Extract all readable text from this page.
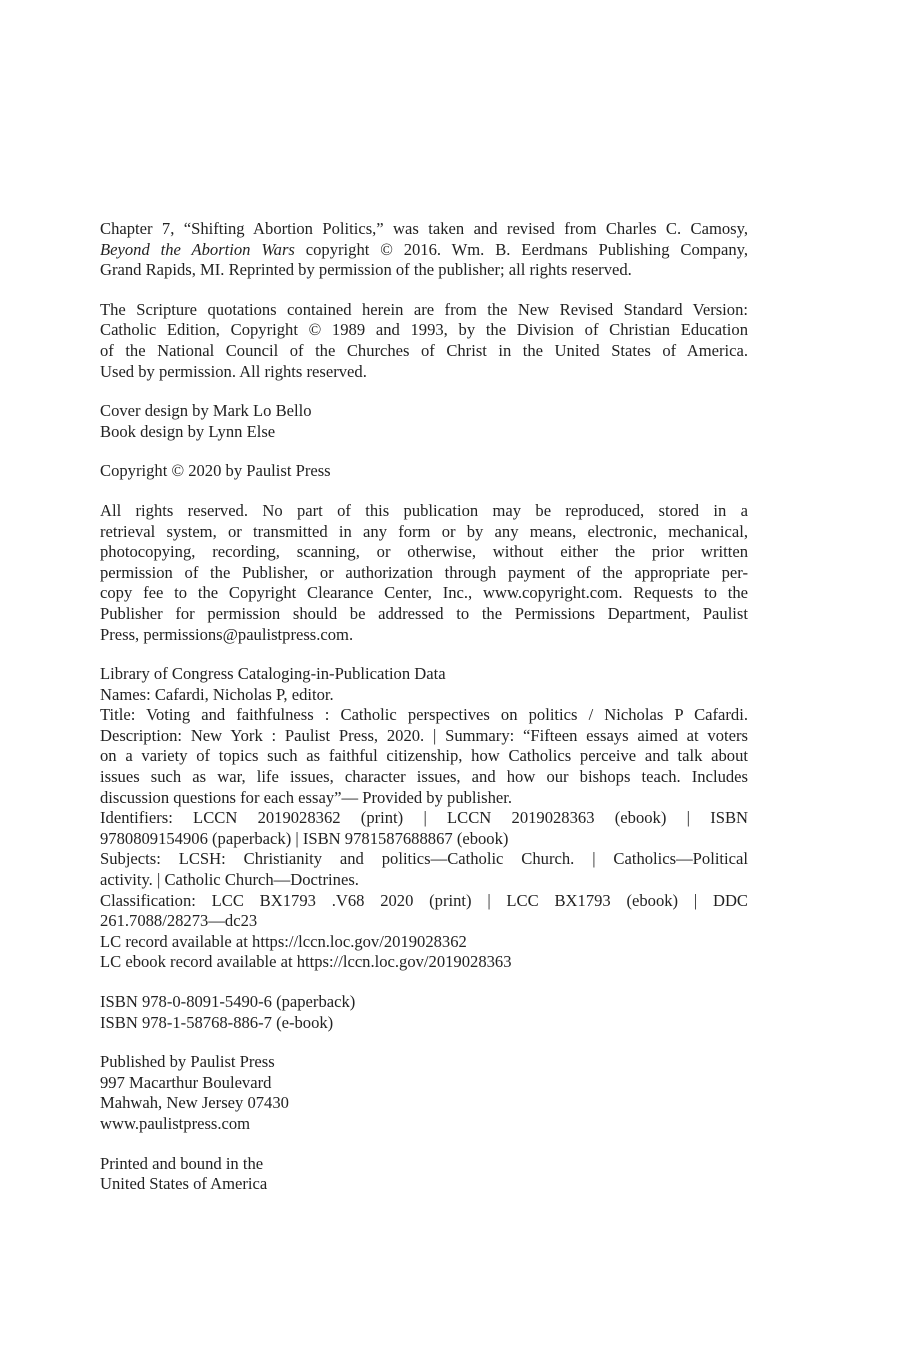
Chapter 7, “Shifting Abortion Politics,” was taken and revised from Charles C. Camosy,
Beyond the Abortion Wars copyright © 2016. Wm. B. Eerdmans Publishing Company,
Grand Rapids, MI. Reprinted by permission of the publisher; all rights reserved.
The Scripture quotations contained herein are from the New Revised Standard Version:
Catholic Edition, Copyright © 1989 and 1993, by the Division of Christian Education
of the National Council of the Churches of Christ in the United States of America.
Used by permission. All rights reserved.
Cover design by Mark Lo Bello
Book design by Lynn Else
Copyright © 2020 by Paulist Press
All rights reserved. No part of this publication may be reproduced, stored in a
retrieval system, or transmitted in any form or by any means, electronic, mechanical,
photocopying, recording, scanning, or otherwise, without either the prior written
permission of the Publisher, or authorization through payment of the appropriate per-
copy fee to the Copyright Clearance Center, Inc., www.copyright.com. Requests to the
Publisher for permission should be addressed to the Permissions Department, Paulist
Press, permissions@paulistpress.com.
Library of Congress Cataloging-in-Publication Data
Names: Cafardi, Nicholas P, editor.
Title: Voting and faithfulness : Catholic perspectives on politics / Nicholas P Cafardi.
Description: New York : Paulist Press, 2020. | Summary: “Fifteen essays aimed at voters
on a variety of topics such as faithful citizenship, how Catholics perceive and talk about
issues such as war, life issues, character issues, and how our bishops teach. Includes
discussion questions for each essay”— Provided by publisher.
Identifiers: LCCN 2019028362 (print) | LCCN 2019028363 (ebook) | ISBN
9780809154906 (paperback) | ISBN 9781587688867 (ebook)
Subjects: LCSH: Christianity and politics—Catholic Church. | Catholics—Political
activity. | Catholic Church—Doctrines.
Classification: LCC BX1793 .V68 2020 (print) | LCC BX1793 (ebook) | DDC
261.7088/28273—dc23
LC record available at https://lccn.loc.gov/2019028362
LC ebook record available at https://lccn.loc.gov/2019028363
ISBN 978-0-8091-5490-6 (paperback)
ISBN 978-1-58768-886-7 (e-book)
Published by Paulist Press
997 Macarthur Boulevard
Mahwah, New Jersey 07430
www.paulistpress.com
Printed and bound in the
United States of America
